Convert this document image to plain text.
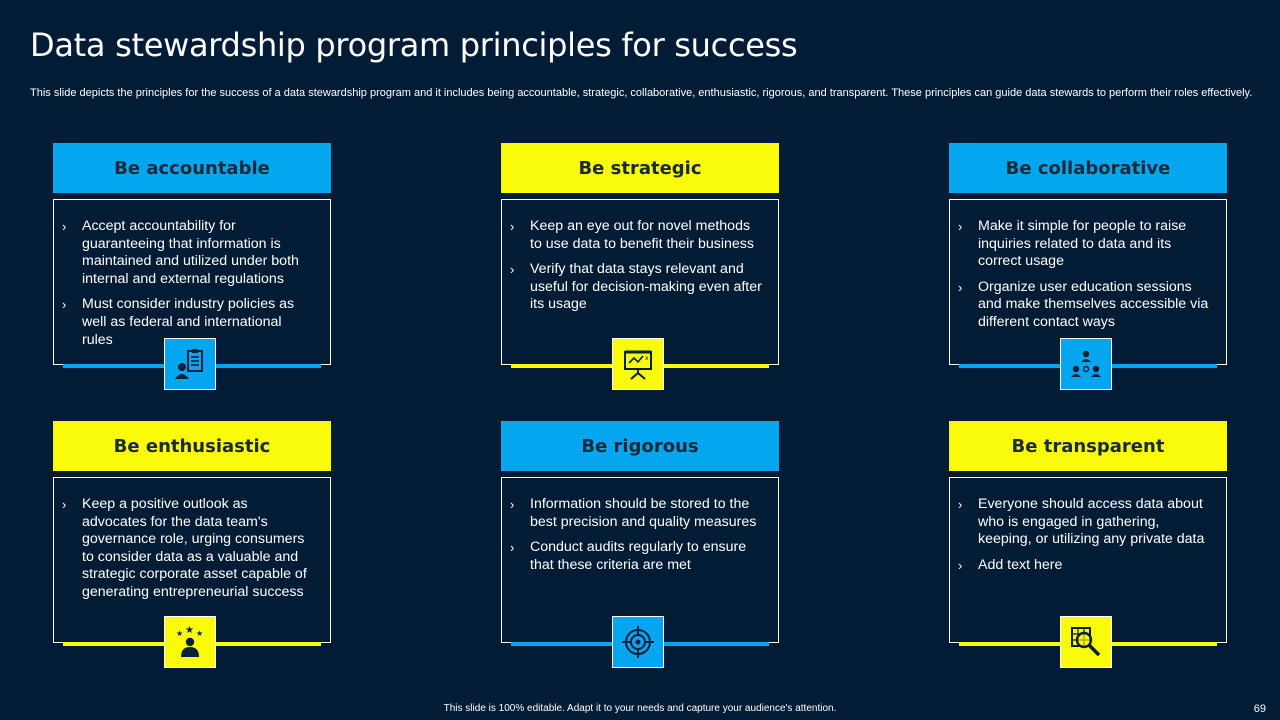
Data stewardship program principles for success

This slide depicts the principles for the success of a data stewardship program and it includes being accountable, strategic, collaborative, enthusiastic, rigorous, and transparent. These principles can guide data stewards to perform their roles effectively.

Be accountable
›	Accept accountability for guaranteeing that information is maintained and utilized under both internal and external regulations
›	Must consider industry policies as well as federal and international rules
Be strategic
›	Keep an eye out for novel methods to use data to benefit their business
›	Verify that data stays relevant and useful for decision-making even after its usage
x
Be collaborative
›	Make it simple for people to raise inquiries related to data and its correct usage
›	Organize user education sessions and make themselves accessible via different contact ways
Be enthusiastic
›	Keep a positive outlook as advocates for the data team's governance role, urging consumers to consider data as a valuable and strategic corporate asset capable of generating entrepreneurial success
★ ★ ★
Be rigorous
›	Information should be stored to the best precision and quality measures
›	Conduct audits regularly to ensure that these criteria are met
Be transparent
›	Everyone should access data about who is engaged in gathering, keeping, or utilizing any private data
›	Add text here
This slide is 100% editable. Adapt it to your needs and capture your audience's attention.	69
